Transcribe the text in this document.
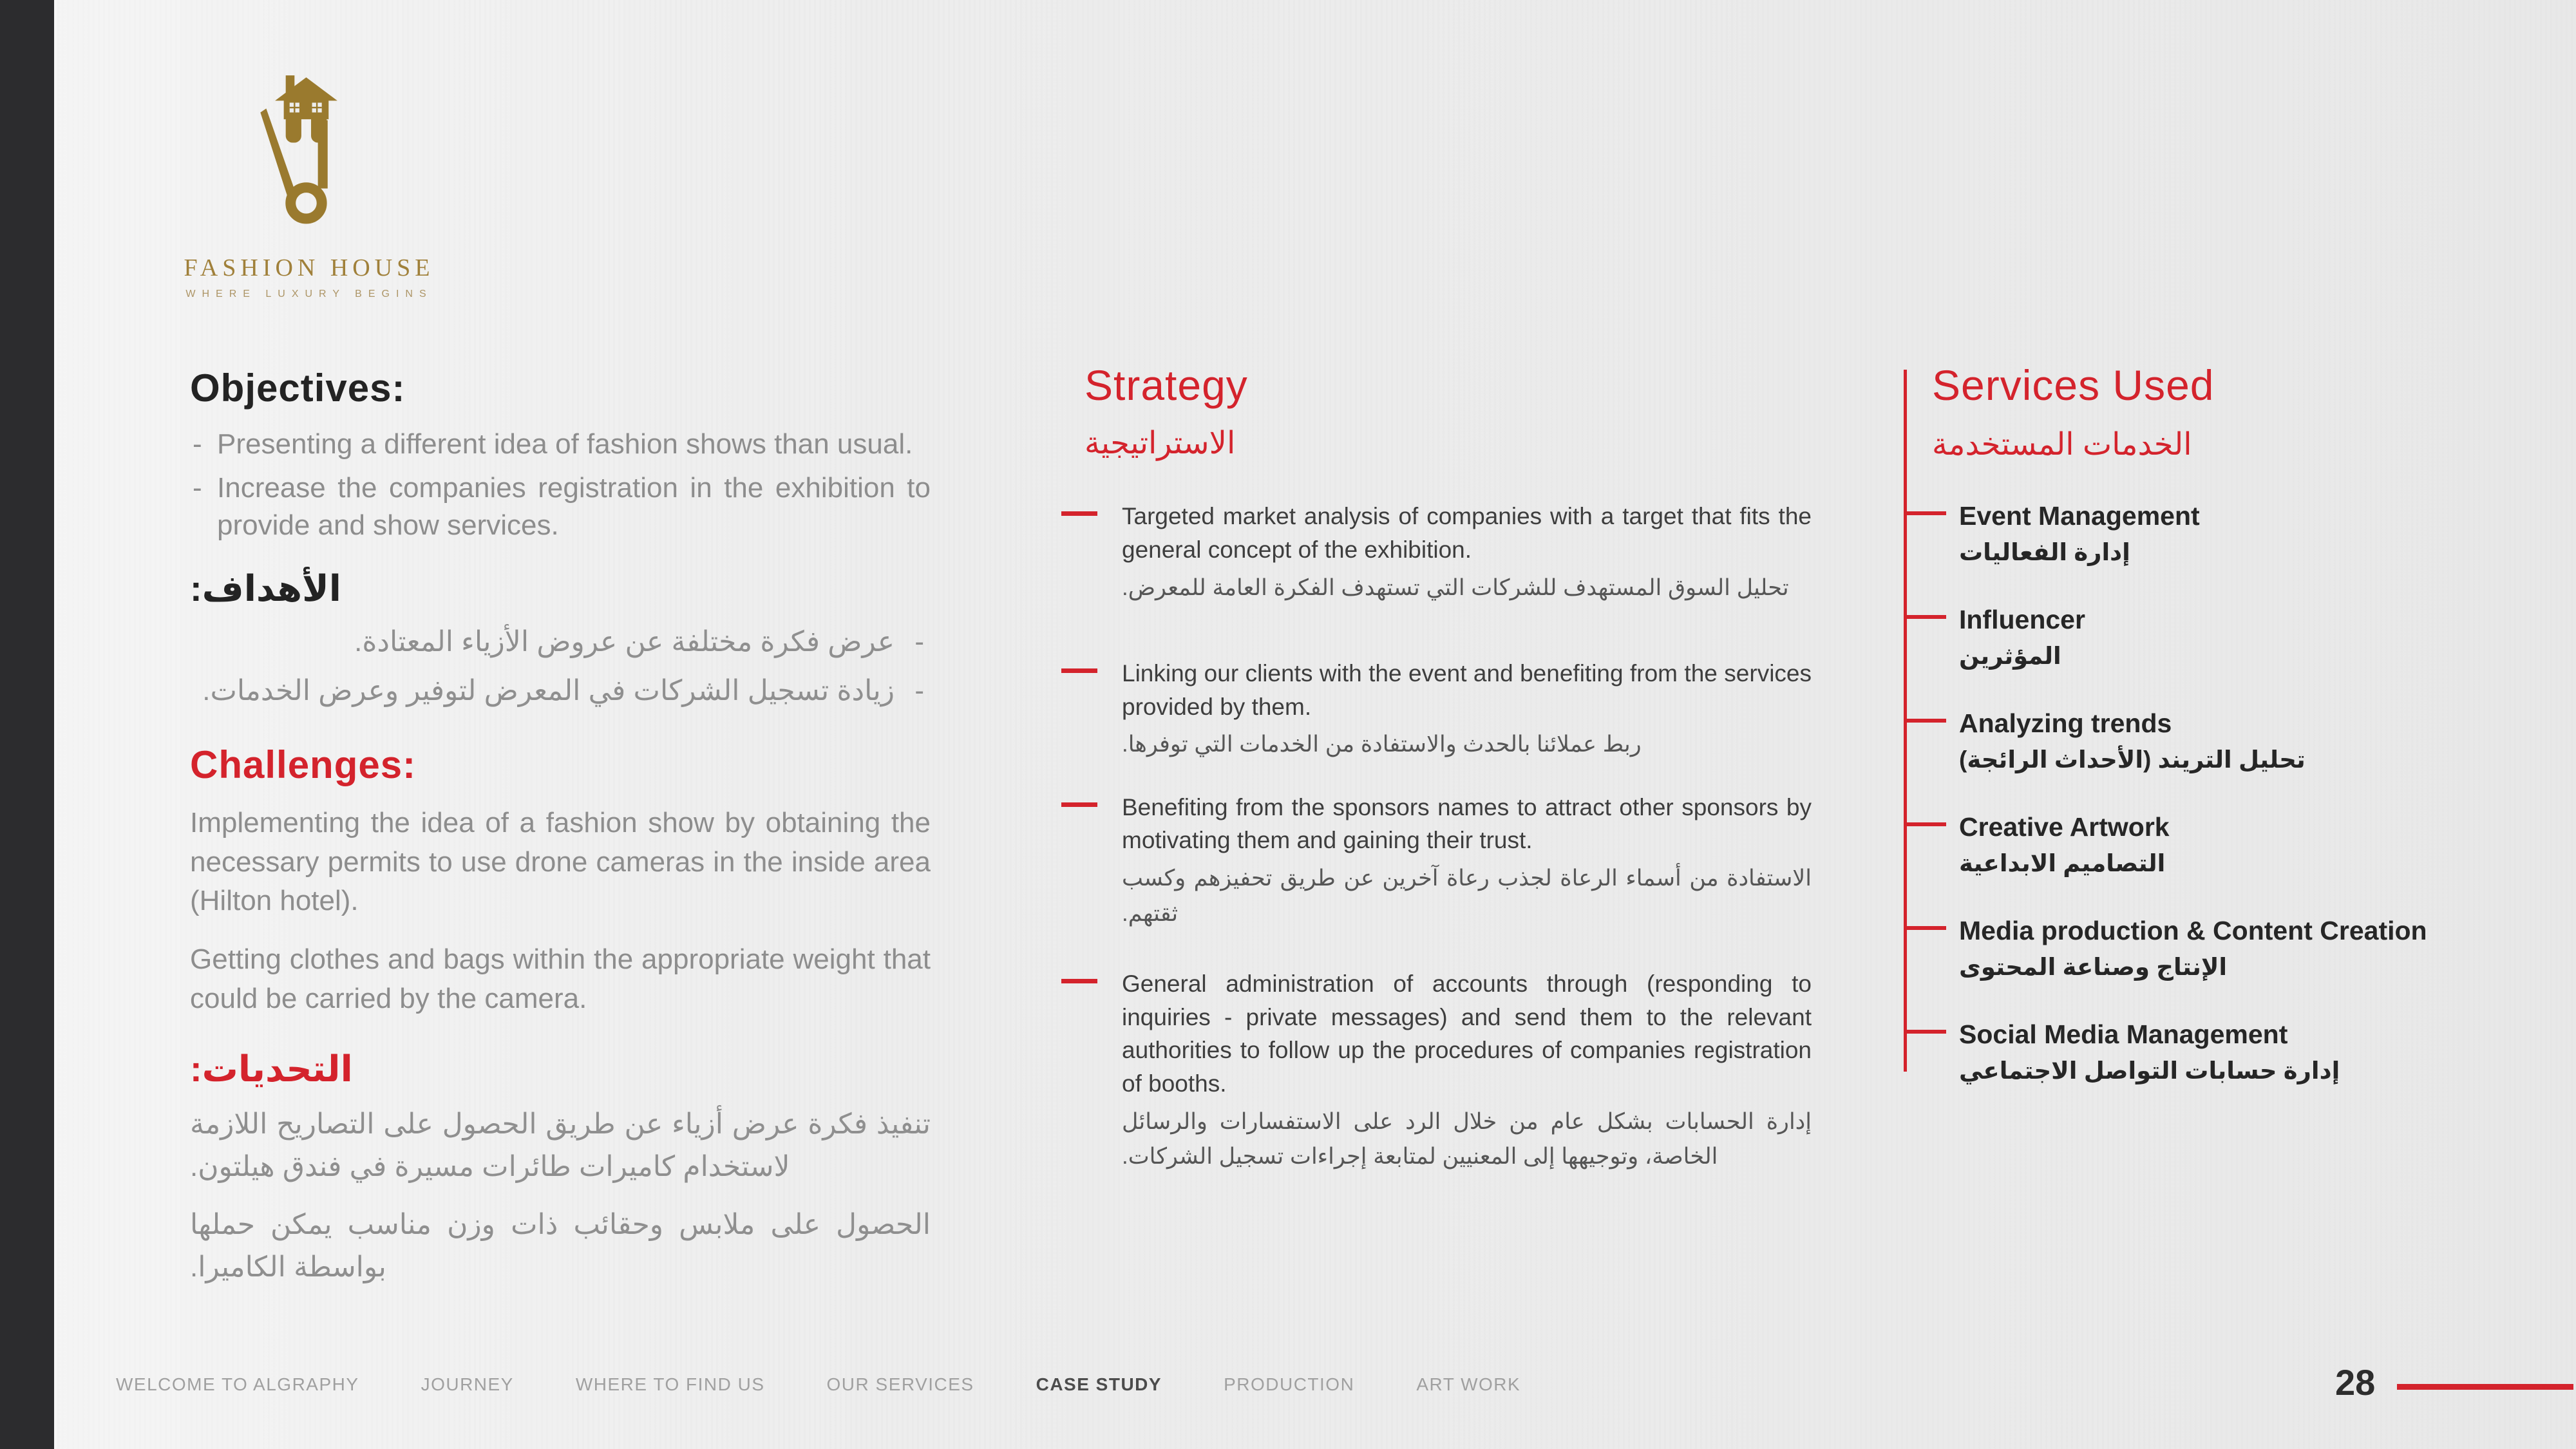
FASHION HOUSE
WHERE LUXURY BEGINS
Objectives:
- Presenting a different idea of fashion shows than usual.
- Increase the companies registration in the exhibition to provide and show services.
الأهداف:
- عرض فكرة مختلفة عن عروض الأزياء المعتادة.
- زيادة تسجيل الشركات في المعرض لتوفير وعرض الخدمات.
Challenges:
Implementing the idea of a fashion show by obtaining the necessary permits to use drone cameras in the inside area (Hilton hotel).
Getting clothes and bags within the appropriate weight that could be carried by the camera.
التحديات:
تنفيذ فكرة عرض أزياء عن طريق الحصول على التصاريح اللازمة لاستخدام كاميرات طائرات مسيرة في فندق هيلتون.
الحصول على ملابس وحقائب ذات وزن مناسب يمكن حملها بواسطة الكاميرا.
Strategy
الاستراتيجية
Targeted market analysis of companies with a target that fits the general concept of the exhibition.
تحليل السوق المستهدف للشركات التي تستهدف الفكرة العامة للمعرض.
Linking our clients with the event and benefiting from the services provided by them.
ربط عملائنا بالحدث والاستفادة من الخدمات التي توفرها.
Benefiting from the sponsors names to attract other sponsors by motivating them and gaining their trust.
الاستفادة من أسماء الرعاة لجذب رعاة آخرين عن طريق تحفيزهم وكسب ثقتهم.
General administration of accounts through (responding to inquiries - private messages) and send them to the relevant authorities to follow up the procedures of companies registration of booths.
إدارة الحسابات بشكل عام من خلال الرد على الاستفسارات والرسائل الخاصة، وتوجيهها إلى المعنيين لمتابعة إجراءات تسجيل الشركات.
Services Used
الخدمات المستخدمة
Event Management
إدارة الفعاليات
Influencer
المؤثرين
Analyzing trends
تحليل التريند (الأحداث الرائجة)
Creative Artwork
التصاميم الابداعية
Media production & Content Creation
الإنتاج وصناعة المحتوى
Social Media Management
إدارة حسابات التواصل الاجتماعي
WELCOME TO ALGRAPHY	JOURNEY	WHERE TO FIND US	OUR SERVICES	CASE STUDY	PRODUCTION	ART WORK	28
